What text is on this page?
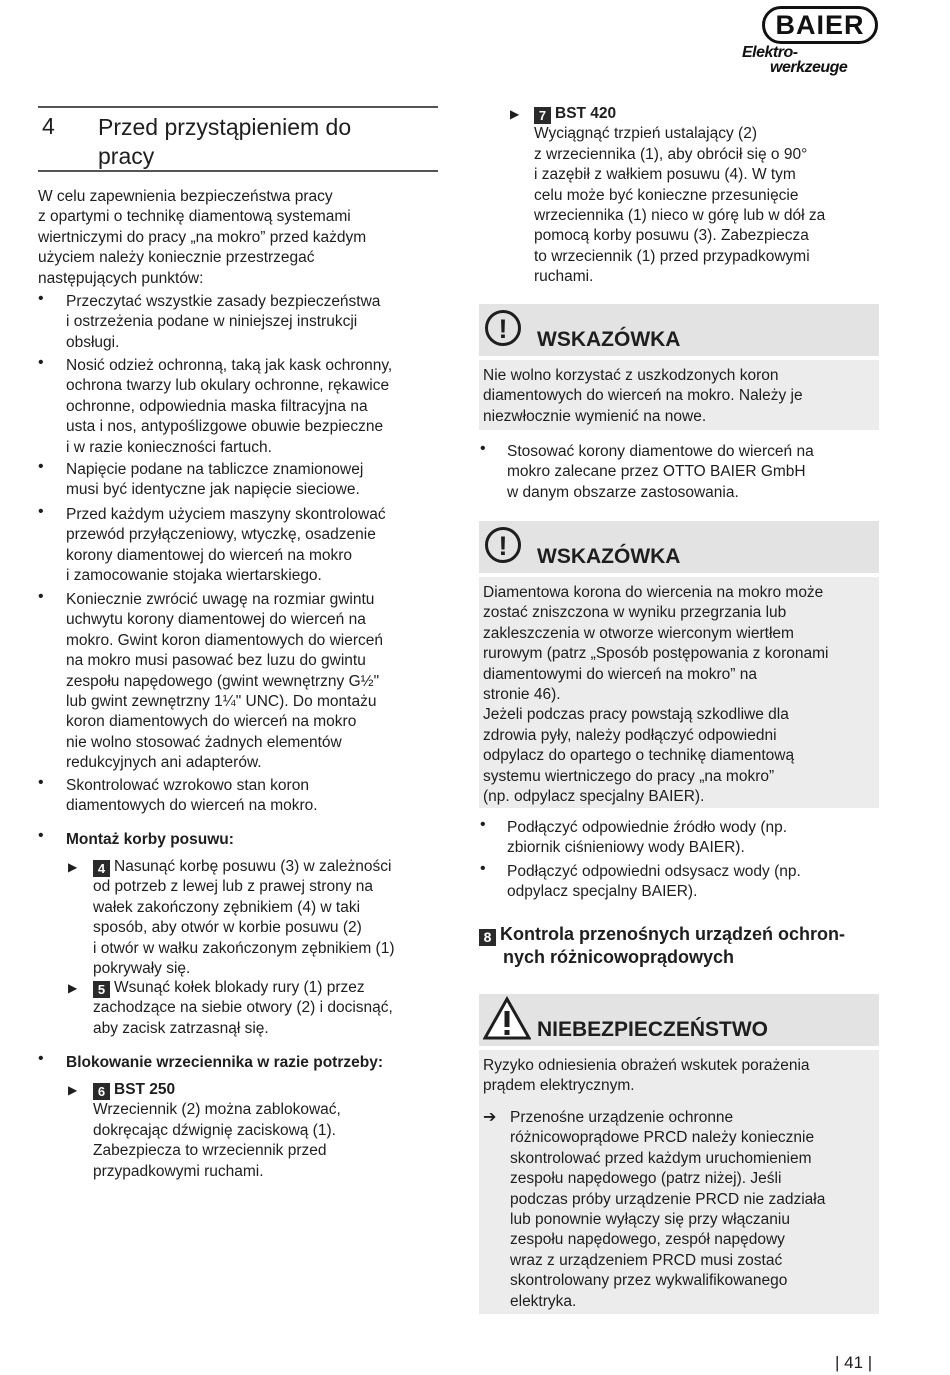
BAIER
Elektro-
werkzeuge
4 Przed przystąpieniem do
pracy
W celu zapewnienia bezpieczeństwa pracy
z opartymi o technikę diamentową systemami
wiertniczymi do pracy „na mokro” przed każdym
użyciem należy koniecznie przestrzegać
następujących punktów:
• Przeczytać wszystkie zasady bezpieczeństwa
i ostrzeżenia podane w niniejszej instrukcji
obsługi.
• Nosić odzież ochronną, taką jak kask ochronny,
ochrona twarzy lub okulary ochronne, rękawice
ochronne, odpowiednia maska filtracyjna na
usta i nos, antypoślizgowe obuwie bezpieczne
i w razie konieczności fartuch.
• Napięcie podane na tabliczce znamionowej
musi być identyczne jak napięcie sieciowe.
• Przed każdym użyciem maszyny skontrolować
przewód przyłączeniowy, wtyczkę, osadzenie
korony diamentowej do wierceń na mokro
i zamocowanie stojaka wiertarskiego.
• Koniecznie zwrócić uwagę na rozmiar gwintu
uchwytu korony diamentowej do wierceń na
mokro. Gwint koron diamentowych do wierceń
na mokro musi pasować bez luzu do gwintu
zespołu napędowego (gwint wewnętrzny G½"
lub gwint zewnętrzny 1¼" UNC). Do montażu
koron diamentowych do wierceń na mokro
nie wolno stosować żadnych elementów
redukcyjnych ani adapterów.
• Skontrolować wzrokowo stan koron
diamentowych do wierceń na mokro.
• Montaż korby posuwu:
▶	4 Nasunąć korbę posuwu (3) w zależności
od potrzeb z lewej lub z prawej strony na
wałek zakończony zębnikiem (4) w taki
sposób, aby otwór w korbie posuwu (2)
i otwór w wałku zakończonym zębnikiem (1)
pokrywały się.
▶	5 Wsunąć kołek blokady rury (1) przez
zachodzące na siebie otwory (2) i docisnąć,
aby zacisk zatrzasnął się.
• Blokowanie wrzeciennika w razie potrzeby:
▶	6 BST 250
Wrzeciennik (2) można zablokować,
dokręcając dźwignię zaciskową (1).
Zabezpiecza to wrzeciennik przed
przypadkowymi ruchami.
▶	7 BST 420
Wyciągnąć trzpień ustalający (2)
z wrzeciennika (1), aby obrócił się o 90°
i zazębił z wałkiem posuwu (4). W tym
celu może być konieczne przesunięcie
wrzeciennika (1) nieco w górę lub w dół za
pomocą korby posuwu (3). Zabezpiecza
to wrzeciennik (1) przed przypadkowymi
ruchami.
!	WSKAZÓWKA
Nie wolno korzystać z uszkodzonych koron
diamentowych do wierceń na mokro. Należy je
niezwłocznie wymienić na nowe.
• Stosować korony diamentowe do wierceń na
mokro zalecane przez OTTO BAIER GmbH
w danym obszarze zastosowania.
!	WSKAZÓWKA
Diamentowa korona do wiercenia na mokro może
zostać zniszczona w wyniku przegrzania lub
zakleszczenia w otworze wierconym wiertłem
rurowym (patrz „Sposób postępowania z koronami
diamentowymi do wierceń na mokro” na
stronie 46).
Jeżeli podczas pracy powstają szkodliwe dla
zdrowia pyły, należy podłączyć odpowiedni
odpylacz do opartego o technikę diamentową
systemu wiertniczego do pracy „na mokro”
(np. odpylacz specjalny BAIER).
• Podłączyć odpowiednie źródło wody (np.
zbiornik ciśnieniowy wody BAIER).
• Podłączyć odpowiedni odsysacz wody (np.
odpylacz specjalny BAIER).
8 Kontrola przenośnych urządzeń ochron-
nych różnicowoprądowych
NIEBEZPIECZEŃSTWO
Ryzyko odniesienia obrażeń wskutek porażenia
prądem elektrycznym.
➔ Przenośne urządzenie ochronne
różnicowoprądowe PRCD należy koniecznie
skontrolować przed każdym uruchomieniem
zespołu napędowego (patrz niżej). Jeśli
podczas próby urządzenie PRCD nie zadziała
lub ponownie wyłączy się przy włączaniu
zespołu napędowego, zespół napędowy
wraz z urządzeniem PRCD musi zostać
skontrolowany przez wykwalifikowanego
elektryka.
| 41 |
